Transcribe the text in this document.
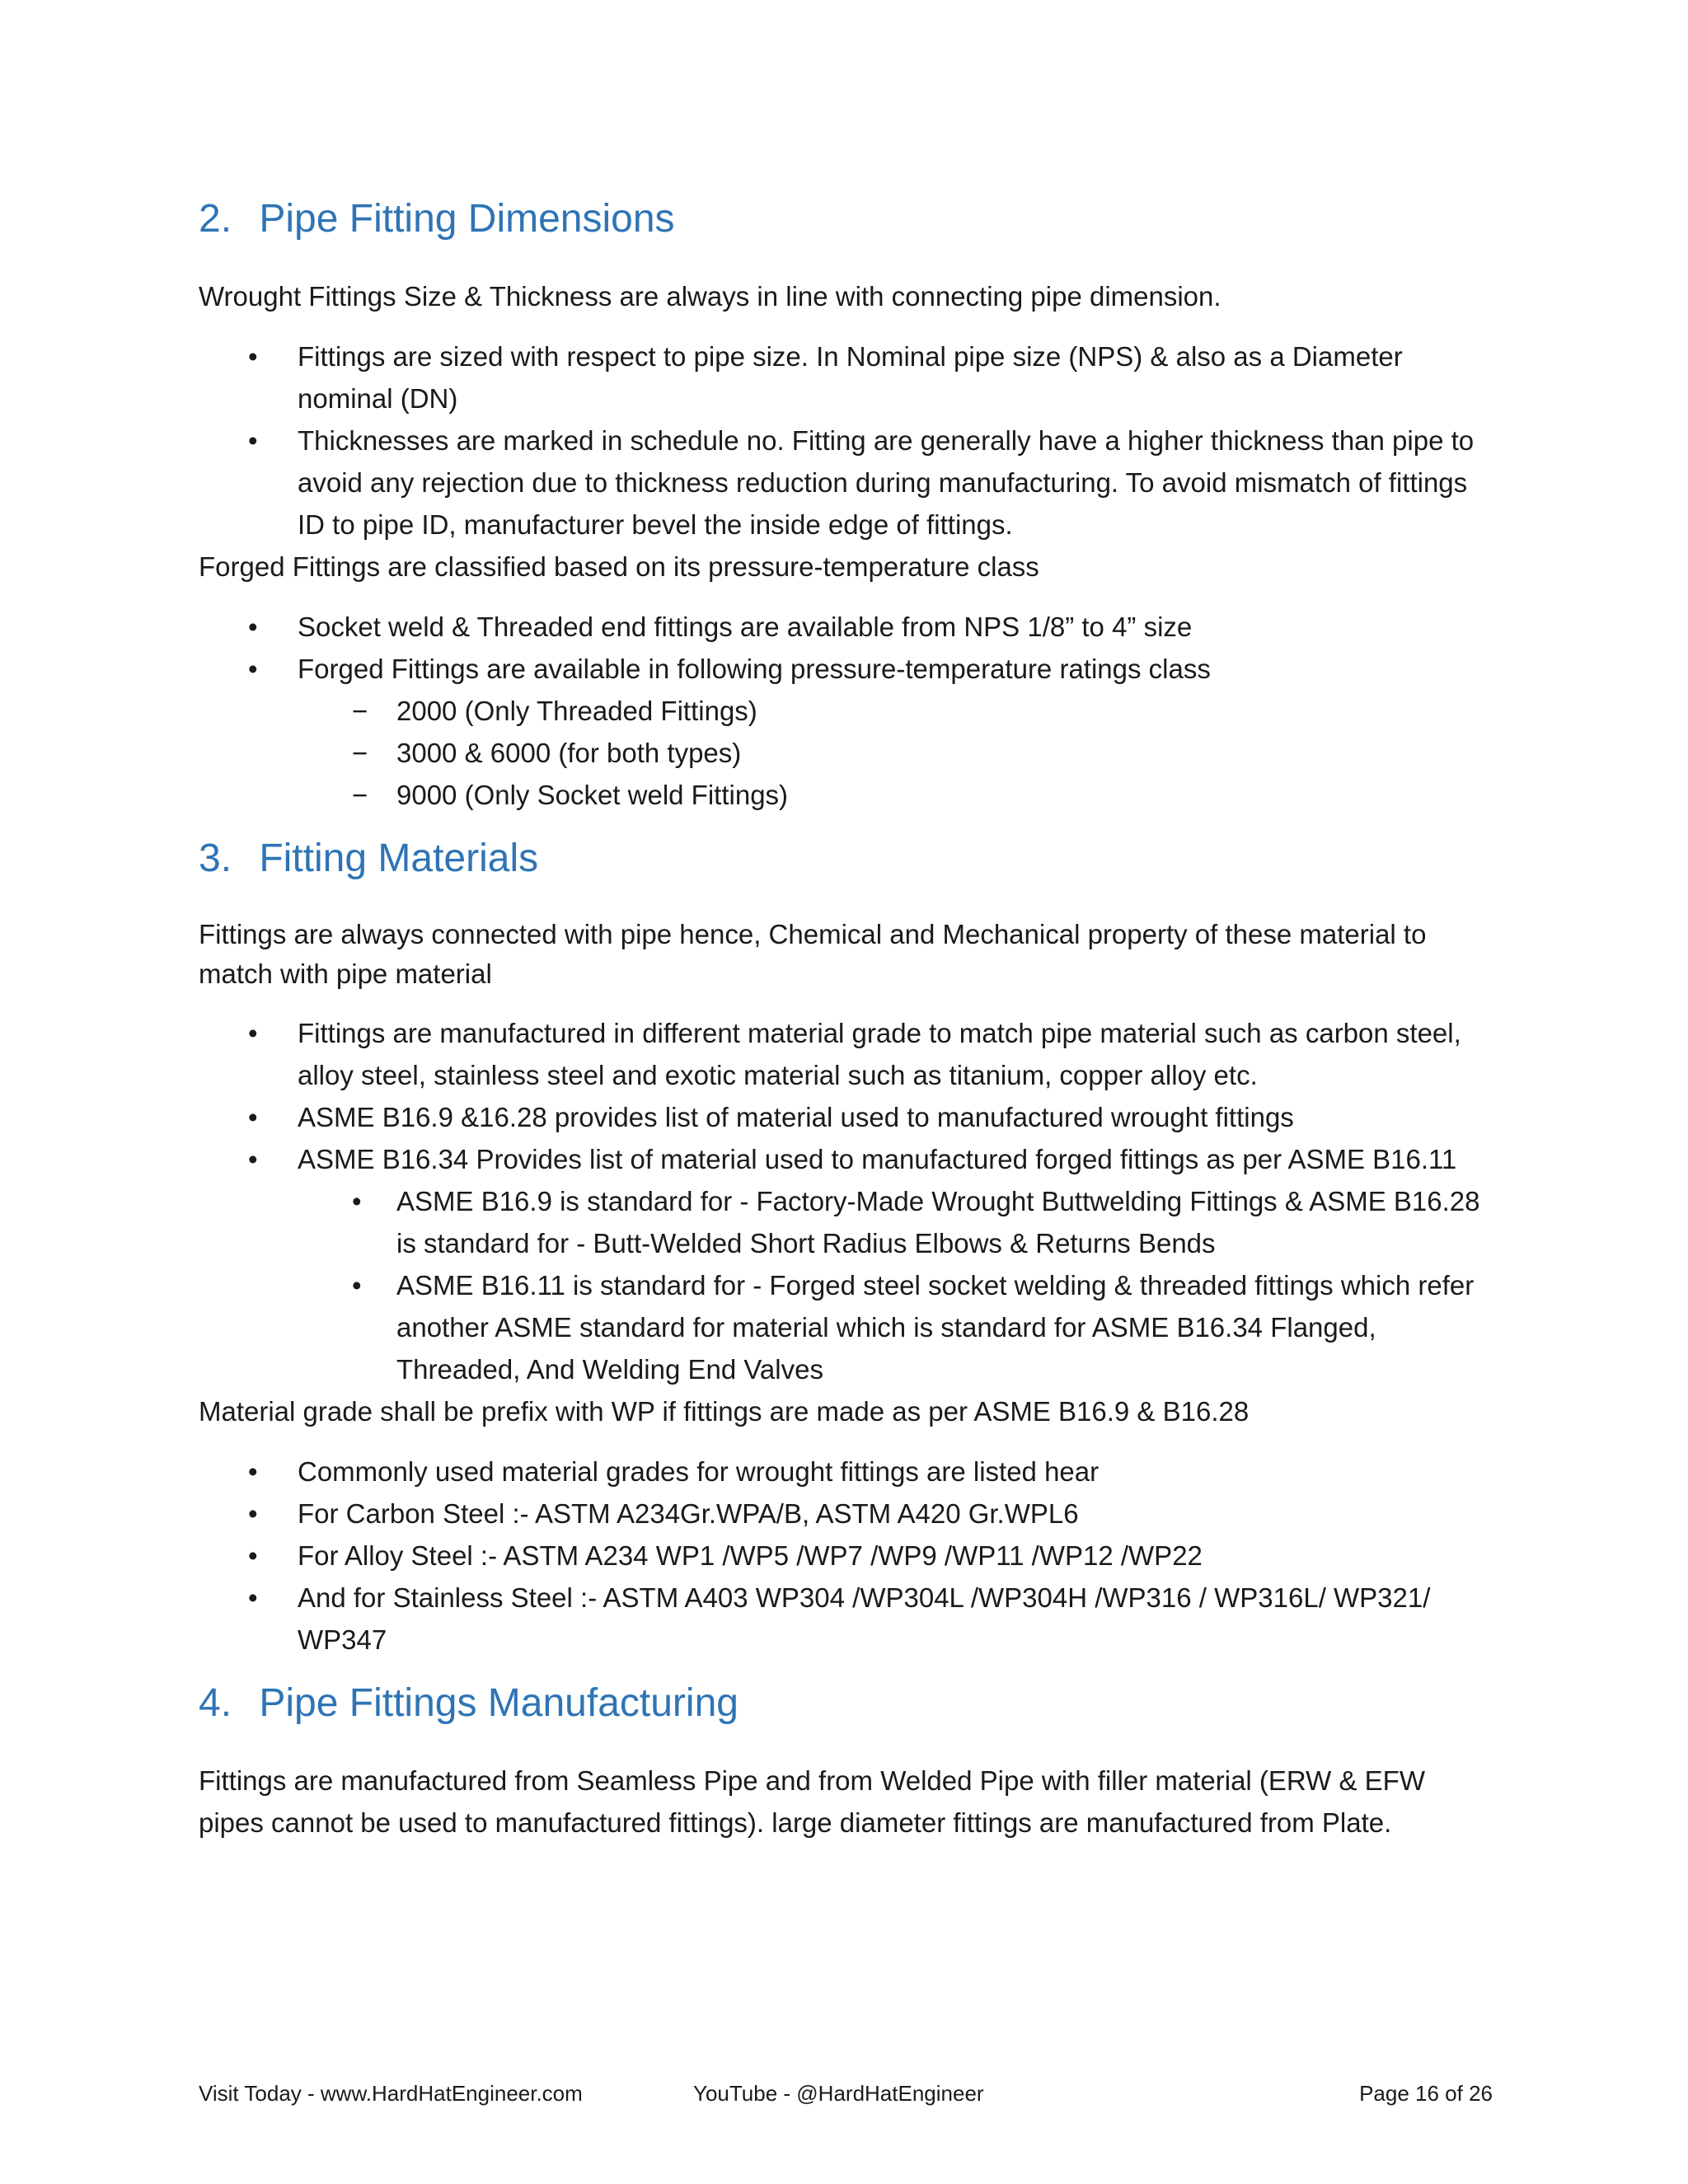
2. Pipe Fitting Dimensions

Wrought Fittings Size & Thickness are always in line with connecting pipe dimension.

• Fittings are sized with respect to pipe size. In Nominal pipe size (NPS) & also as a Diameter nominal (DN)
• Thicknesses are marked in schedule no. Fitting are generally have a higher thickness than pipe to avoid any rejection due to thickness reduction during manufacturing. To avoid mismatch of fittings ID to pipe ID, manufacturer bevel the inside edge of fittings.

Forged Fittings are classified based on its pressure-temperature class

• Socket weld & Threaded end fittings are available from NPS 1/8” to 4” size
• Forged Fittings are available in following pressure-temperature ratings class
− 2000 (Only Threaded Fittings)
− 3000 & 6000 (for both types)
− 9000 (Only Socket weld Fittings)
3. Fitting Materials

Fittings are always connected with pipe hence, Chemical and Mechanical property of these material to match with pipe material

• Fittings are manufactured in different material grade to match pipe material such as carbon steel, alloy steel, stainless steel and exotic material such as titanium, copper alloy etc.
• ASME B16.9 &16.28 provides list of material used to manufactured wrought fittings
• ASME B16.34 Provides list of material used to manufactured forged fittings as per ASME B16.11
• ASME B16.9 is standard for - Factory-Made Wrought Buttwelding Fittings & ASME B16.28 is standard for - Butt-Welded Short Radius Elbows & Returns Bends
• ASME B16.11 is standard for - Forged steel socket welding & threaded fittings which refer another ASME standard for material which is standard for ASME B16.34 Flanged, Threaded, And Welding End Valves

Material grade shall be prefix with WP if fittings are made as per ASME B16.9 & B16.28

• Commonly used material grades for wrought fittings are listed hear
• For Carbon Steel :- ASTM A234Gr.WPA/B, ASTM A420 Gr.WPL6
• For Alloy Steel :- ASTM A234 WP1 /WP5 /WP7 /WP9 /WP11 /WP12 /WP22
• And for Stainless Steel :- ASTM A403 WP304 /WP304L /WP304H /WP316 / WP316L/ WP321/ WP347
4. Pipe Fittings Manufacturing

Fittings are manufactured from Seamless Pipe and from Welded Pipe with filler material (ERW & EFW pipes cannot be used to manufactured fittings). large diameter fittings are manufactured from Plate.

Visit Today - www.HardHatEngineer.com	YouTube - @HardHatEngineer	Page 16 of 26
